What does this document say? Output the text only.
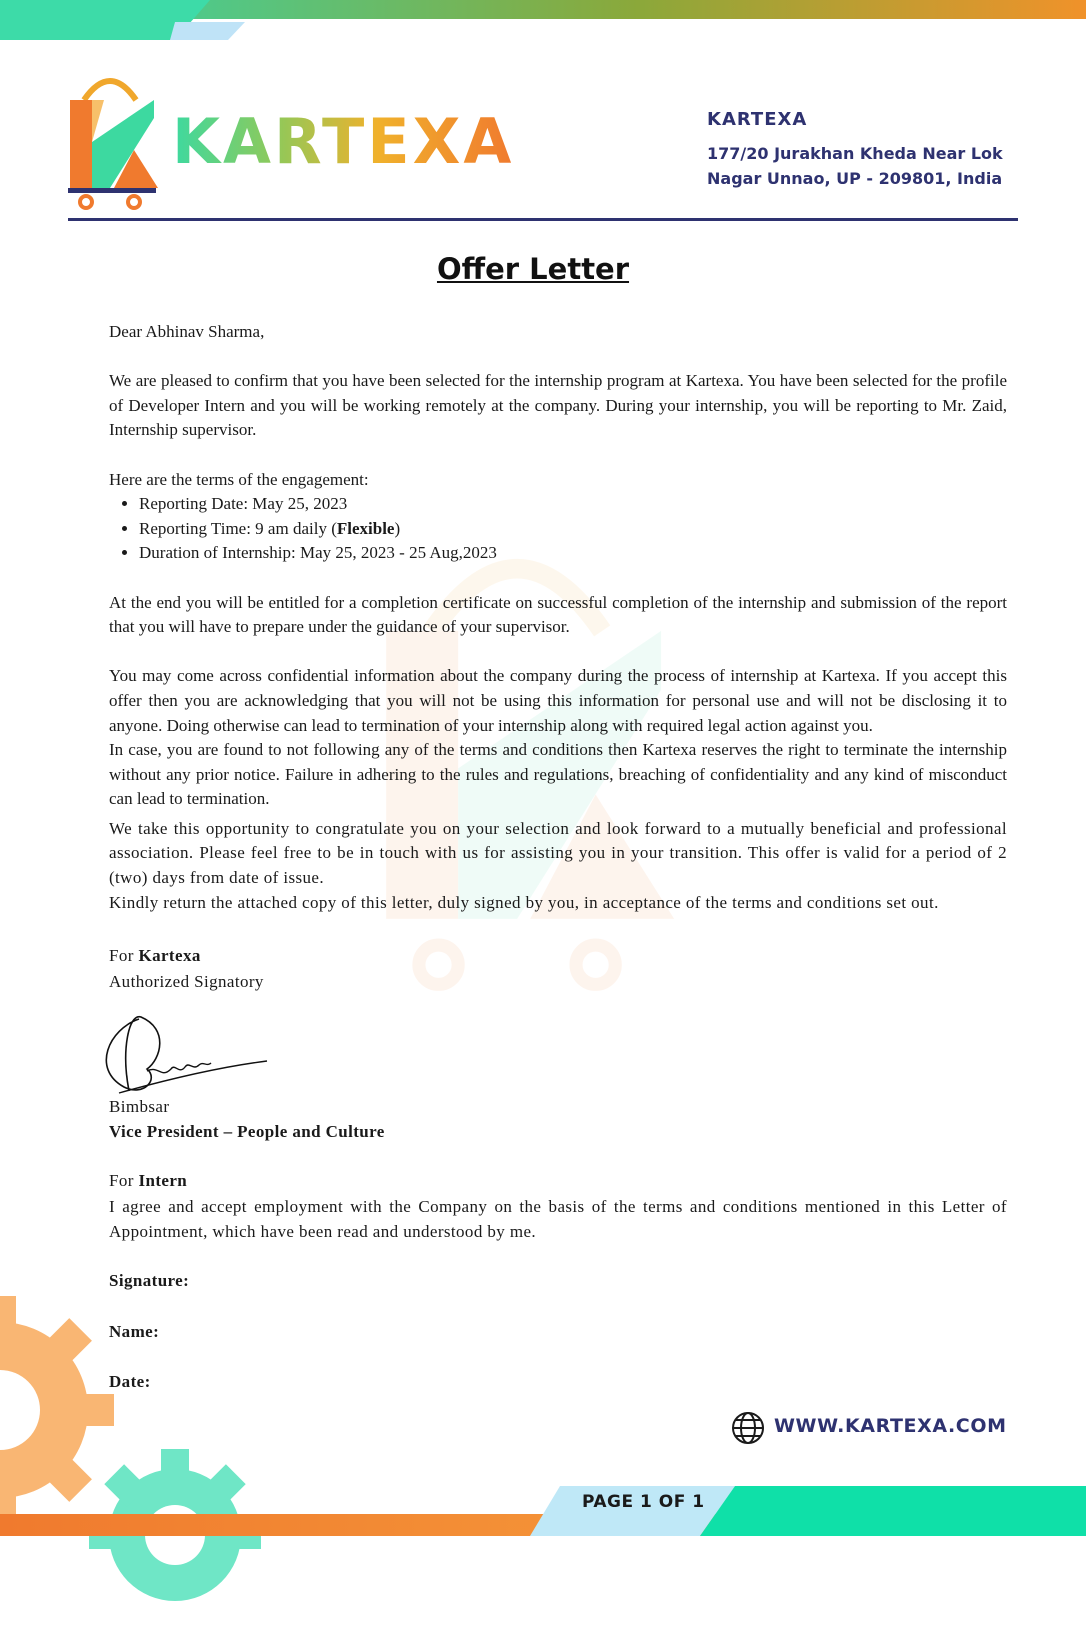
KARTEXA	KARTEXA
177/20 Jurakhan Kheda Near Lok
Nagar Unnao, UP - 209801, India
Offer Letter

Dear Abhinav Sharma,

We are pleased to confirm that you have been selected for the internship program at Kartexa. You have been selected for the profile of Developer Intern and you will be working remotely at the company. During your internship, you will be reporting to Mr. Zaid, Internship supervisor.

Here are the terms of the engagement:

• Reporting Date: May 25, 2023
• Reporting Time: 9 am daily (Flexible)
• Duration of Internship: May 25, 2023 - 25 Aug,2023

At the end you will be entitled for a completion certificate on successful completion of the internship and submission of the report that you will have to prepare under the guidance of your supervisor.

You may come across confidential information about the company during the process of internship at Kartexa. If you accept this offer then you are acknowledging that you will not be using this information for personal use and will not be disclosing it to anyone. Doing otherwise can lead to termination of your internship along with required legal action against you.

In case, you are found to not following any of the terms and conditions then Kartexa reserves the right to terminate the internship without any prior notice. Failure in adhering to the rules and regulations, breaching of confidentiality and any kind of misconduct can lead to termination.

We take this opportunity to congratulate you on your selection and look forward to a mutually beneficial and professional association. Please feel free to be in touch with us for assisting you in your transition. This offer is valid for a period of 2 (two) days from date of issue.

Kindly return the attached copy of this letter, duly signed by you, in acceptance of the terms and conditions set out.

For Kartexa
Authorized Signatory
Bimbsar
Vice President – People and Culture
For Intern

I agree and accept employment with the Company on the basis of the terms and conditions mentioned in this Letter of Appointment, which have been read and understood by me.

Signature:
Name:
Date:
WWW.KARTEXA.COM
PAGE 1 OF 1
